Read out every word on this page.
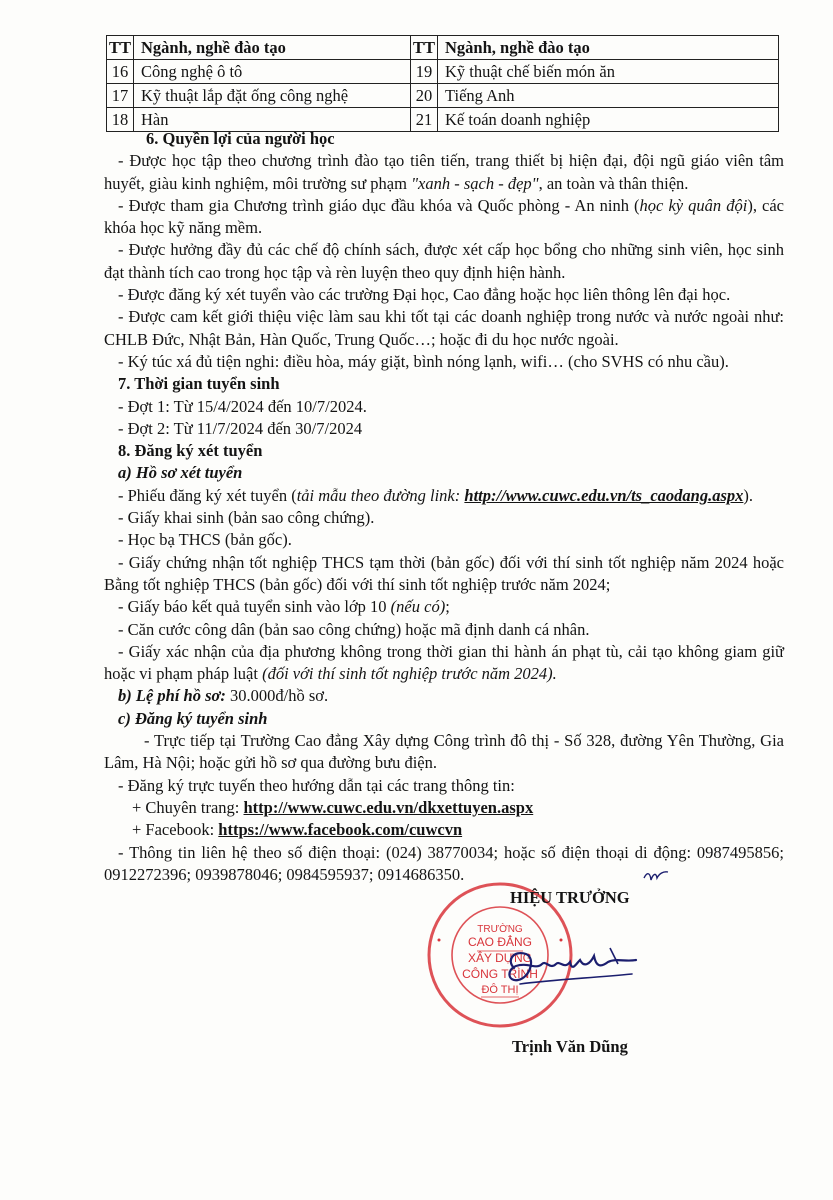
TT	Ngành, nghề đào tạo	TT	Ngành, nghề đào tạo
16	Công nghệ ô tô	19	Kỹ thuật chế biến món ăn
17	Kỹ thuật lắp đặt ống công nghệ	20	Tiếng Anh
18	Hàn	21	Kế toán doanh nghiệp

6. Quyền lợi của người học

- Được học tập theo chương trình đào tạo tiên tiến, trang thiết bị hiện đại, đội ngũ giáo viên tâm huyết, giàu kinh nghiệm, môi trường sư phạm "xanh - sạch - đẹp", an toàn và thân thiện.

- Được tham gia Chương trình giáo dục đầu khóa và Quốc phòng - An ninh (học kỳ quân đội), các khóa học kỹ năng mềm.

- Được hưởng đầy đủ các chế độ chính sách, được xét cấp học bổng cho những sinh viên, học sinh đạt thành tích cao trong học tập và rèn luyện theo quy định hiện hành.

- Được đăng ký xét tuyển vào các trường Đại học, Cao đẳng hoặc học liên thông lên đại học.

- Được cam kết giới thiệu việc làm sau khi tốt tại các doanh nghiệp trong nước và nước ngoài như: CHLB Đức, Nhật Bản, Hàn Quốc, Trung Quốc…; hoặc đi du học nước ngoài.

- Ký túc xá đủ tiện nghi: điều hòa, máy giặt, bình nóng lạnh, wifi… (cho SVHS có nhu cầu).

7. Thời gian tuyển sinh

- Đợt 1: Từ 15/4/2024 đến 10/7/2024.

- Đợt 2: Từ 11/7/2024 đến 30/7/2024

8. Đăng ký xét tuyển

a) Hồ sơ xét tuyển

- Phiếu đăng ký xét tuyển (tải mẫu theo đường link: http://www.cuwc.edu.vn/ts_caodang.aspx).

- Giấy khai sinh (bản sao công chứng).

- Học bạ THCS (bản gốc).

- Giấy chứng nhận tốt nghiệp THCS tạm thời (bản gốc) đối với thí sinh tốt nghiệp năm 2024 hoặc Bằng tốt nghiệp THCS (bản gốc) đối với thí sinh tốt nghiệp trước năm 2024;

- Giấy báo kết quả tuyển sinh vào lớp 10 (nếu có);

- Căn cước công dân (bản sao công chứng) hoặc mã định danh cá nhân.

- Giấy xác nhận của địa phương không trong thời gian thi hành án phạt tù, cải tạo không giam giữ hoặc vi phạm pháp luật (đối với thí sinh tốt nghiệp trước năm 2024).

b) Lệ phí hồ sơ: 30.000đ/hồ sơ.

c) Đăng ký tuyển sinh

- Trực tiếp tại Trường Cao đẳng Xây dựng Công trình đô thị - Số 328, đường Yên Thường, Gia Lâm, Hà Nội; hoặc gửi hồ sơ qua đường bưu điện.

- Đăng ký trực tuyến theo hướng dẫn tại các trang thông tin:

+ Chuyên trang: http://www.cuwc.edu.vn/dkxettuyen.aspx

+ Facebook: https://www.facebook.com/cuwcvn

- Thông tin liên hệ theo số điện thoại: (024) 38770034; hoặc số điện thoại di động: 0987495856; 0912272396; 0939878046; 0984595937; 0914686350.

TRƯỜNG
CAO ĐẲNG
XÂY DỰNG
CÔNG TRÌNH
ĐÔ THỊ
HIỆU TRƯỞNG
Trịnh Văn Dũng
